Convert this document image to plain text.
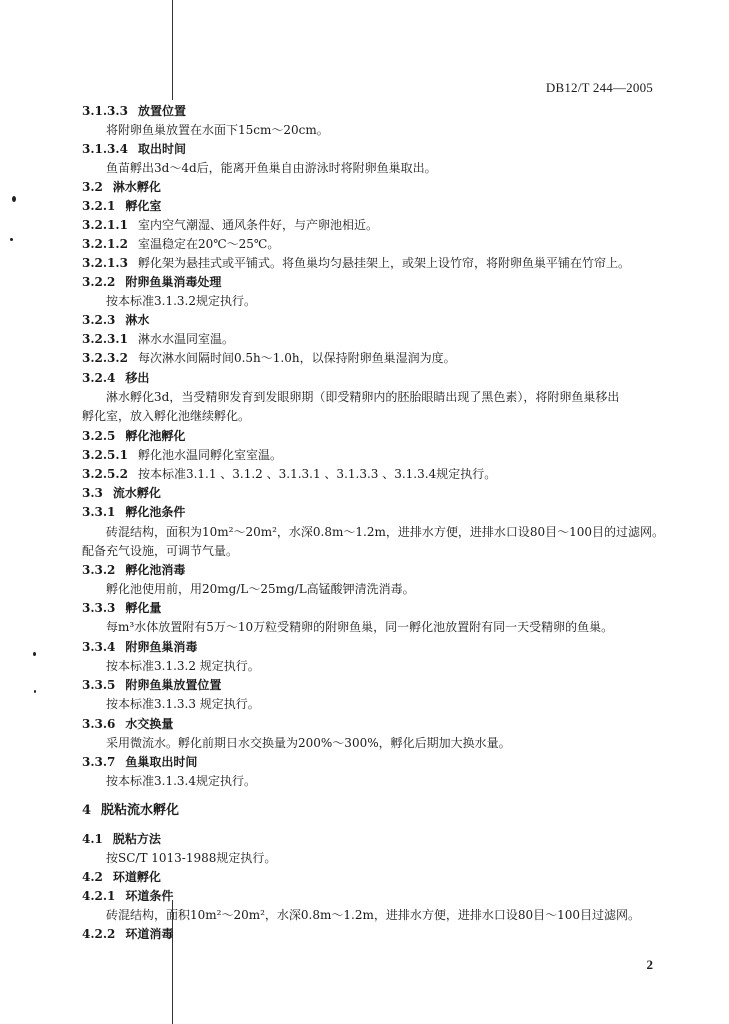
DB12/T 244—2005
3.1.3.3 放置位置
将附卵鱼巢放置在水面下15cm～20cm。
3.1.3.4 取出时间
鱼苗孵出3d～4d后，能离开鱼巢自由游泳时将附卵鱼巢取出。
3.2 淋水孵化
3.2.1 孵化室
3.2.1.1 室内空气潮湿、通风条件好，与产卵池相近。
3.2.1.2 室温稳定在20℃～25℃。
3.2.1.3 孵化架为悬挂式或平铺式。将鱼巢均匀悬挂架上，或架上设竹帘，将附卵鱼巢平铺在竹帘上。
3.2.2 附卵鱼巢消毒处理
按本标准3.1.3.2规定执行。
3.2.3 淋水
3.2.3.1 淋水水温同室温。
3.2.3.2 每次淋水间隔时间0.5h～1.0h，以保持附卵鱼巢湿润为度。
3.2.4 移出
淋水孵化3d，当受精卵发育到发眼卵期（即受精卵内的胚胎眼睛出现了黑色素），将附卵鱼巢移出
孵化室，放入孵化池继续孵化。
3.2.5 孵化池孵化
3.2.5.1 孵化池水温同孵化室室温。
3.2.5.2 按本标准3.1.1 、3.1.2 、3.1.3.1 、3.1.3.3 、3.1.3.4规定执行。
3.3 流水孵化
3.3.1 孵化池条件
砖混结构，面积为10m²～20m²，水深0.8m～1.2m，进排水方便，进排水口设80目～100目的过滤网。
配备充气设施，可调节气量。
3.3.2 孵化池消毒
孵化池使用前，用20mg/L～25mg/L高锰酸钾清洗消毒。
3.3.3 孵化量
每m³水体放置附有5万～10万粒受精卵的附卵鱼巢，同一孵化池放置附有同一天受精卵的鱼巢。
3.3.4 附卵鱼巢消毒
按本标准3.1.3.2 规定执行。
3.3.5 附卵鱼巢放置位置
按本标准3.1.3.3 规定执行。
3.3.6 水交换量
采用微流水。孵化前期日水交换量为200%～300%，孵化后期加大换水量。
3.3.7 鱼巢取出时间
按本标准3.1.3.4规定执行。
4 脱粘流水孵化
4.1 脱粘方法
按SC/T 1013-1988规定执行。
4.2 环道孵化
4.2.1 环道条件
砖混结构，面积10m²～20m²，水深0.8m～1.2m，进排水方便，进排水口设80目～100目过滤网。
4.2.2 环道消毒
2
